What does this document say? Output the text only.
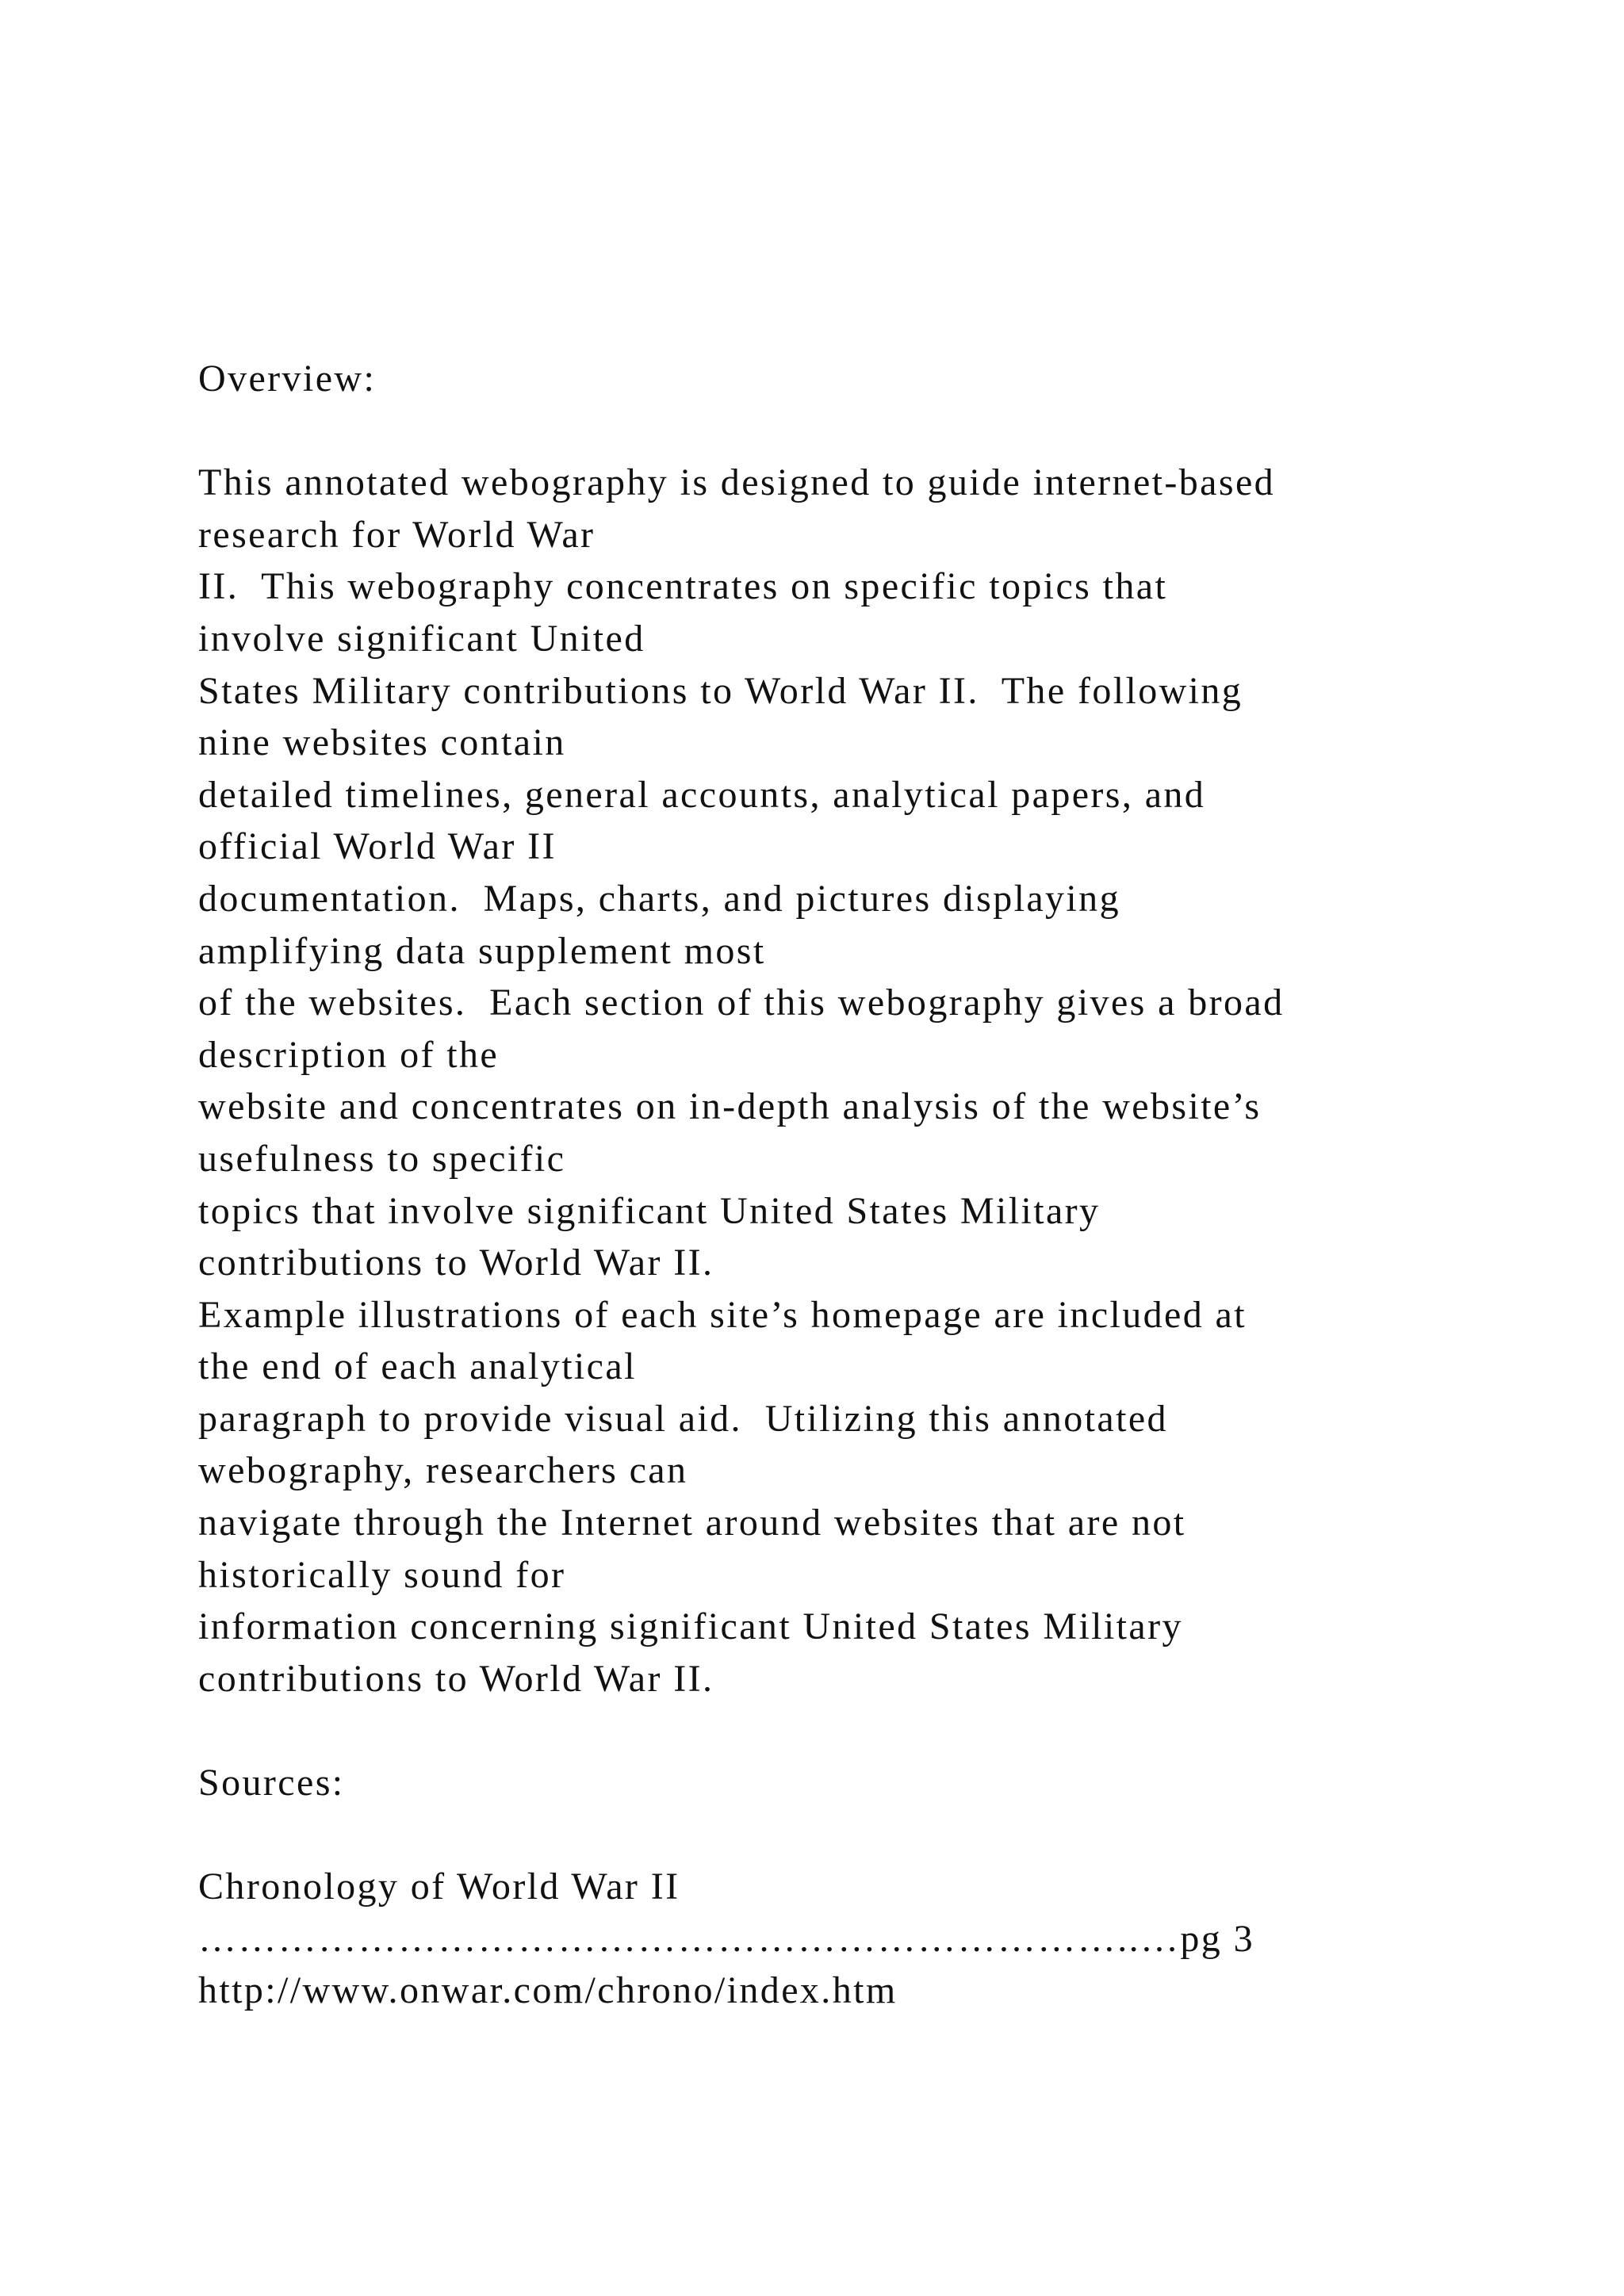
Overview:
This annotated webography is designed to guide internet-based
research for World War
II.  This webography concentrates on specific topics that
involve significant United
States Military contributions to World War II.  The following
nine websites contain
detailed timelines, general accounts, analytical papers, and
official World War II
documentation.  Maps, charts, and pictures displaying
amplifying data supplement most
of the websites.  Each section of this webography gives a broad
description of the
website and concentrates on in-depth analysis of the website’s
usefulness to specific
topics that involve significant United States Military
contributions to World War II.
Example illustrations of each site’s homepage are included at
the end of each analytical
paragraph to provide visual aid.  Utilizing this annotated
webography, researchers can
navigate through the Internet around websites that are not
historically sound for
information concerning significant United States Military
contributions to World War II.
Sources:
Chronology of World War II
……………………………………………………………..…pg 3
http://www.onwar.com/chrono/index.htm
